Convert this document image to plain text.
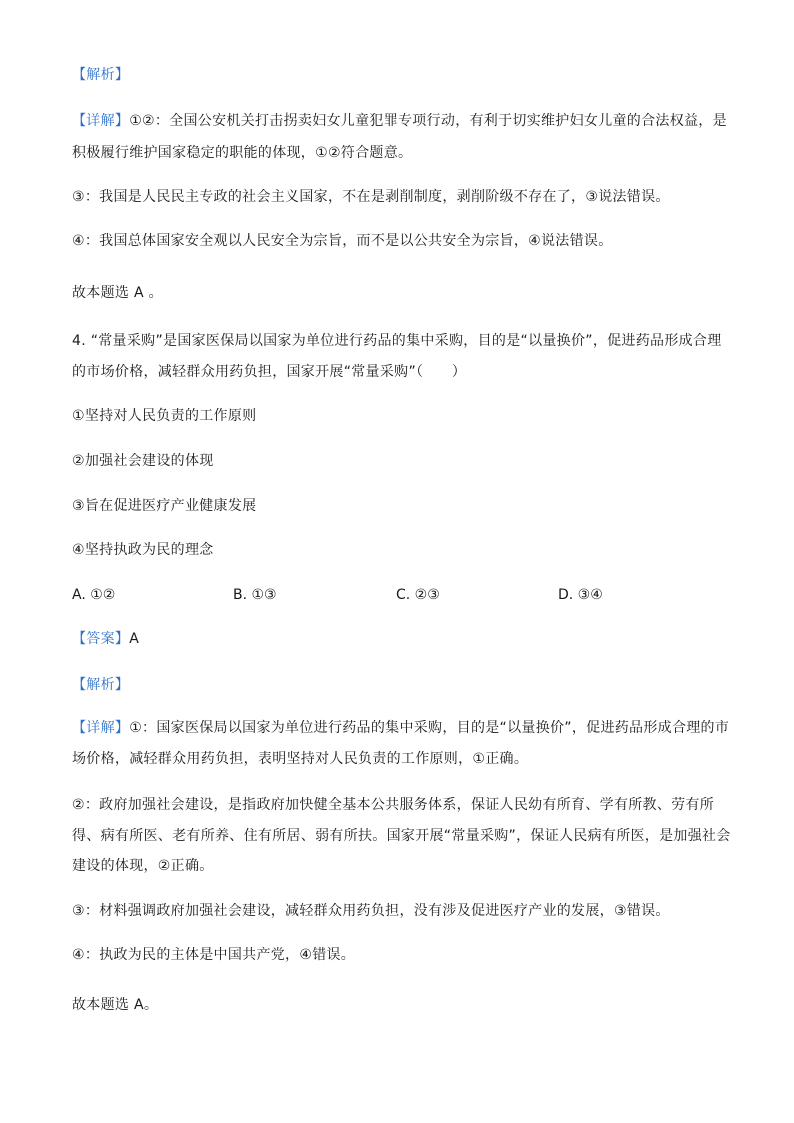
【解析】
【详解】①②：全国公安机关打击拐卖妇女儿童犯罪专项行动，有利于切实维护妇女儿童的合法权益，是
积极履行维护国家稳定的职能的体现，①②符合题意。
③：我国是人民民主专政的社会主义国家，不在是剥削制度，剥削阶级不存在了，③说法错误。
④：我国总体国家安全观以人民安全为宗旨，而不是以公共安全为宗旨，④说法错误。
故本题选 A 。
4. “常量采购”是国家医保局以国家为单位进行药品的集中采购，目的是“以量换价”，促进药品形成合理
的市场价格，减轻群众用药负担，国家开展“常量采购”（　　）
①坚持对人民负责的工作原则
②加强社会建设的体现
③旨在促进医疗产业健康发展
④坚持执政为民的理念
A. ①②	B. ①③	C. ②③	D. ③④
【答案】A
【解析】
【详解】①：国家医保局以国家为单位进行药品的集中采购，目的是“以量换价”，促进药品形成合理的市
场价格，减轻群众用药负担，表明坚持对人民负责的工作原则，①正确。
②：政府加强社会建设，是指政府加快健全基本公共服务体系，保证人民幼有所育、学有所教、劳有所
得、病有所医、老有所养、住有所居、弱有所扶。国家开展“常量采购”，保证人民病有所医，是加强社会
建设的体现，②正确。
③：材料强调政府加强社会建设，减轻群众用药负担，没有涉及促进医疗产业的发展，③错误。
④：执政为民的主体是中国共产党，④错误。
故本题选 A。
